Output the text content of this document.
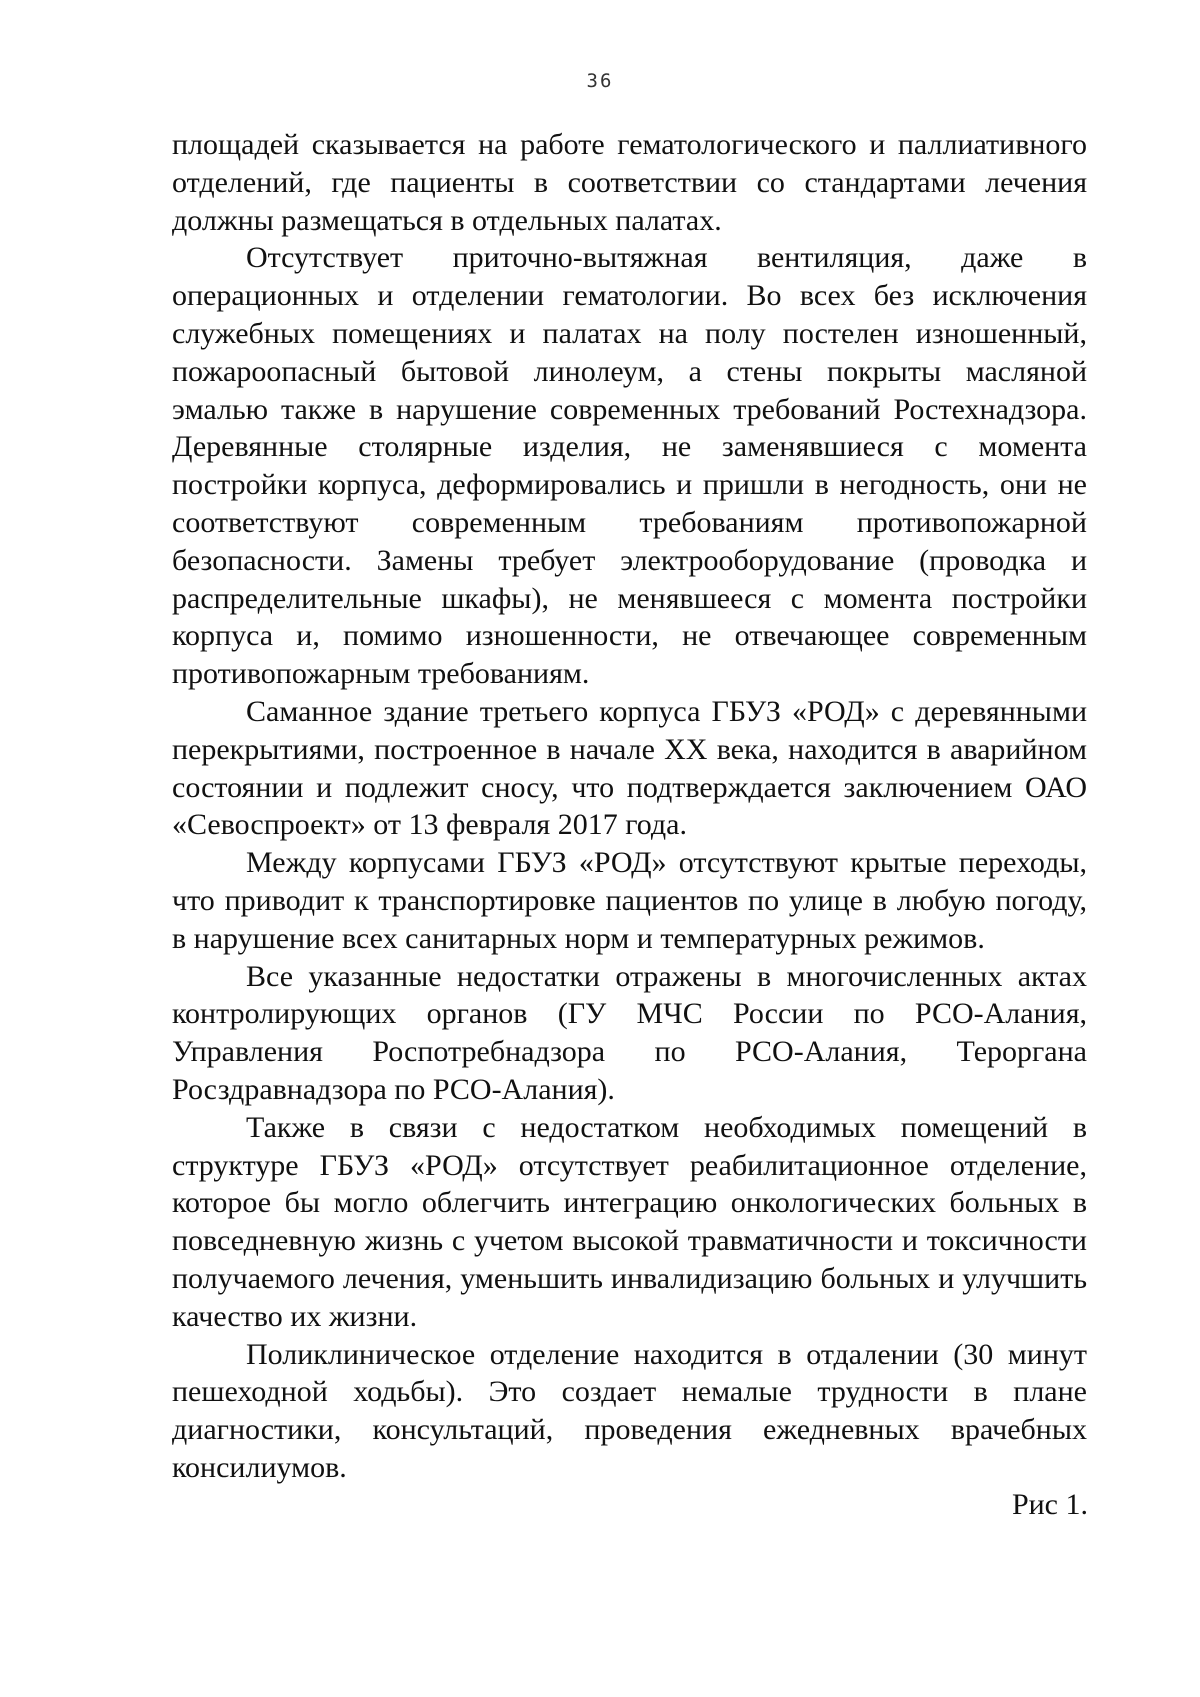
36

площадей сказывается на работе гематологического и паллиативного отделений, где пациенты в соответствии со стандартами лечения должны размещаться в отдельных палатах.

Отсутствует приточно-вытяжная вентиляция, даже в операционных и отделении гематологии. Во всех без исключения служебных помещениях и палатах на полу постелен изношенный, пожароопасный бытовой линолеум, а стены покрыты масляной эмалью также в нарушение современных требований Ростехнадзора. Деревянные столярные изделия, не заменявшиеся с момента постройки корпуса, деформировались и пришли в негодность, они не соответствуют современным требованиям противопожарной безопасности. Замены требует электрооборудование (проводка и распределительные шкафы), не менявшееся с момента постройки корпуса и, помимо изношенности, не отвечающее современным противопожарным требованиям.

Саманное здание третьего корпуса ГБУЗ «РОД» с деревянными перекрытиями, построенное в начале XX века, находится в аварийном состоянии и подлежит сносу, что подтверждается заключением ОАО «Севоспроект» от 13 февраля 2017 года.

Между корпусами ГБУЗ «РОД» отсутствуют крытые переходы, что приводит к транспортировке пациентов по улице в любую погоду, в нарушение всех санитарных норм и температурных режимов.

Все указанные недостатки отражены в многочисленных актах контролирующих органов (ГУ МЧС России по РСО-Алания, Управления Роспотребнадзора по РСО-Алания, Тероргана Росздравнадзора по РСО-Алания).

Также в связи с недостатком необходимых помещений в структуре ГБУЗ «РОД» отсутствует реабилитационное отделение, которое бы могло облегчить интеграцию онкологических больных в повседневную жизнь с учетом высокой травматичности и токсичности получаемого лечения, уменьшить инвалидизацию больных и улучшить качество их жизни.

Поликлиническое отделение находится в отдалении (30 минут пешеходной ходьбы). Это создает немалые трудности в плане диагностики, консультаций, проведения ежедневных врачебных консилиумов.

Рис 1.
